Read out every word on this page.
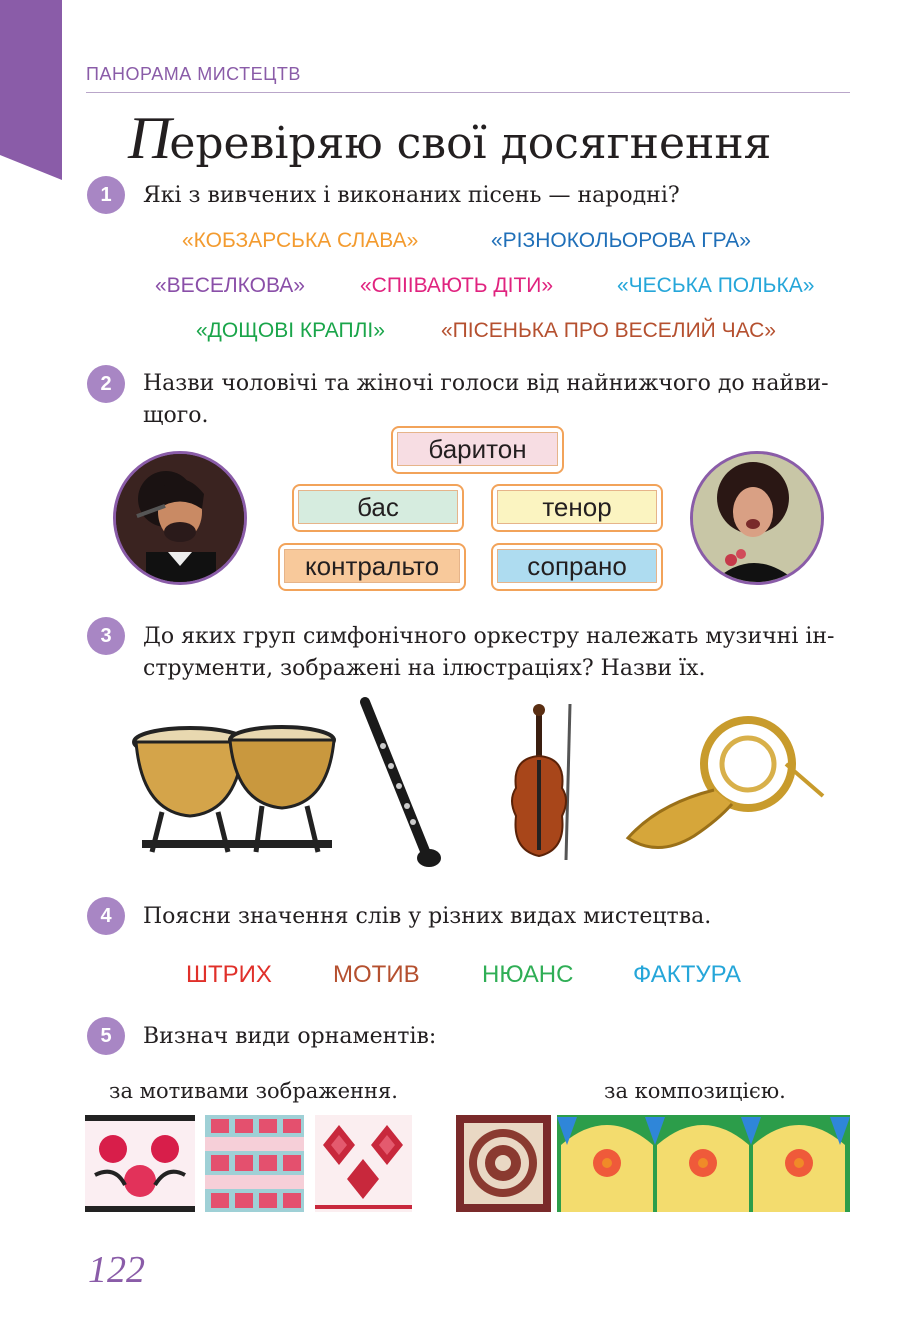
ПАНОРАМА МИСТЕЦТВ
Перевіряю свої досягнення
1	Які з вивчених і виконаних пісень — народні?
«КОБЗАРСЬКА СЛАВА»	«РІЗНОКОЛЬОРОВА ГРА»
«ВЕСЕЛКОВА»	«СПІІВАЮТЬ ДІТИ»	«ЧЕСЬКА ПОЛЬКА»
«ДОЩОВІ КРАПЛІ»	«ПІСЕНЬКА ПРО ВЕСЕЛИЙ ЧАС»
2	Назви чоловічі та жіночі голоси від найнижчого до найви-
щого.
баритон
бас	тенор
контральто	сопрано
3	До яких груп симфонічного оркестру належать музичні ін-
струменти, зображені на ілюстраціях? Назви їх.
4	Поясни значення слів у різних видах мистецтва.
ШТРИХ	МОТИВ	НЮАНС ФАКТУРА
5	Визнач види орнаментів:
за мотивами зображення.	за композицією.
122
